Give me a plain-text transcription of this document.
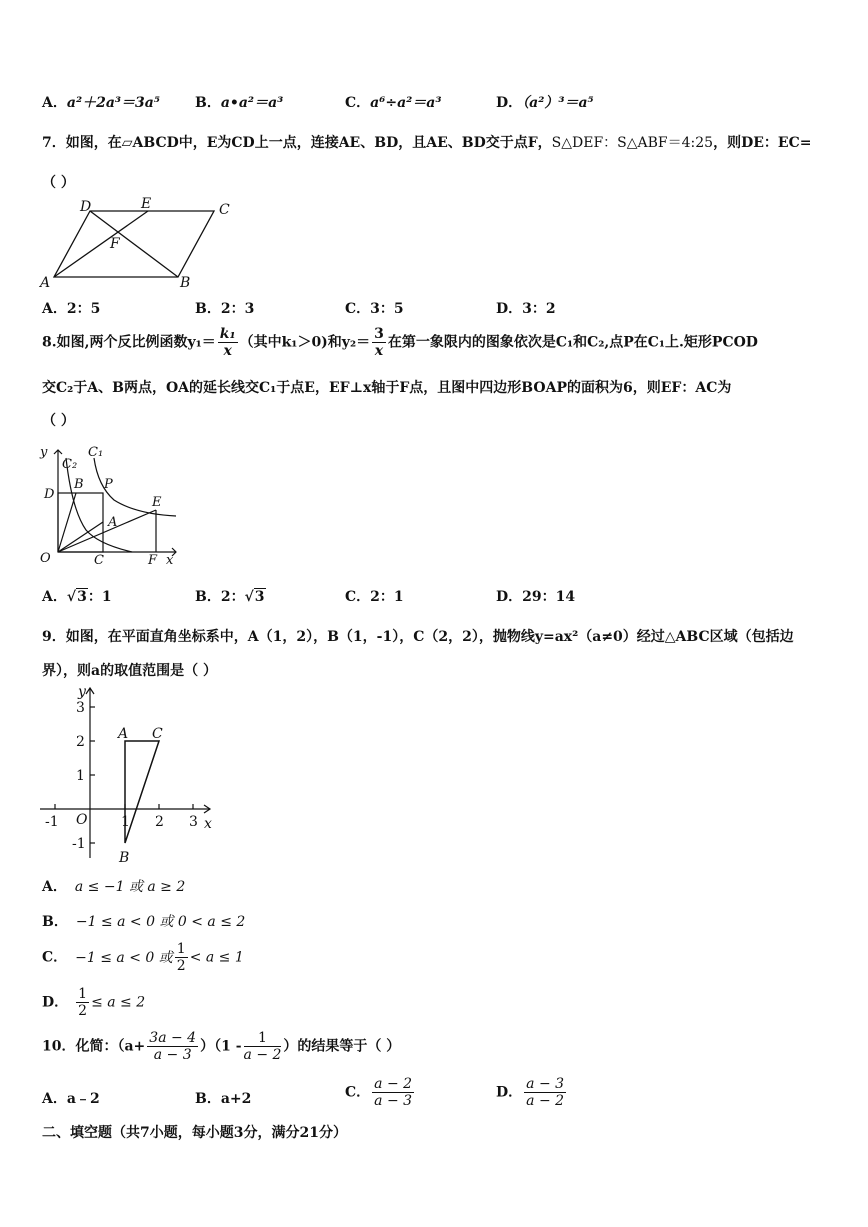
A．a²＋2a³＝3a⁵	B．a•a²＝a³	C．a⁶÷a²＝a³	D．（a²）³＝a⁵
7．如图，在▱ABCD中，E为CD上一点，连接AE、BD，且AE、BD交于点F，S△DEF：S△ABF＝4:25，则DE：EC=
（ ）
D	E	C
F
A	B
A．2：5	B．2：3	C．3：5	D．3：2
8.如图,两个反比例函数$y_1= \frac{\text{k₁}}{x}$ （其中k₁＞0)和$y_2= \frac{3}{x}$ 在第一象限内的图象依次是C₁和C₂,点P在C₁上.矩形PCOD
交C₂于A、B两点，OA的延长线交C₁于点E，EF⊥x轴于F点，且图中四边形BOAP的面积为6，则EF：AC为
（ ）
y
C₂
C₁
D
B P
E
A
O	C	F x
A．√3：1	B．2：√3	C．2：1	D．29：14
9．如图，在平面直角坐标系中，A（1，2），B（1，-1），C（2，2），抛物线y=ax²（a≠0）经过△ABC区域（包括边
界），则a的取值范围是（ ）
y
x
O
A C
B
3
2
1
-1
-1	1 2 3
A． a ≤ −1 或 a ≥ 2
B． −1 ≤ a < 0 或 0 < a ≤ 2
C． −1 ≤ a < 0 或 $\frac{1}{2} < a \le 1$
D． $\frac{1}{2} \le a \le 2$
10．化简：$(a+ \frac{3a - 4}{a - 3} )(1 - \frac{1}{a - 2}$ ）的结果等于（ ）
A．a﹣2	B．a+2	C． $\frac{a - 2}{a - 3}$	D． $\frac{a - 3}{a - 2}$
二、填空题（共7小题，每小题3分，满分21分）
